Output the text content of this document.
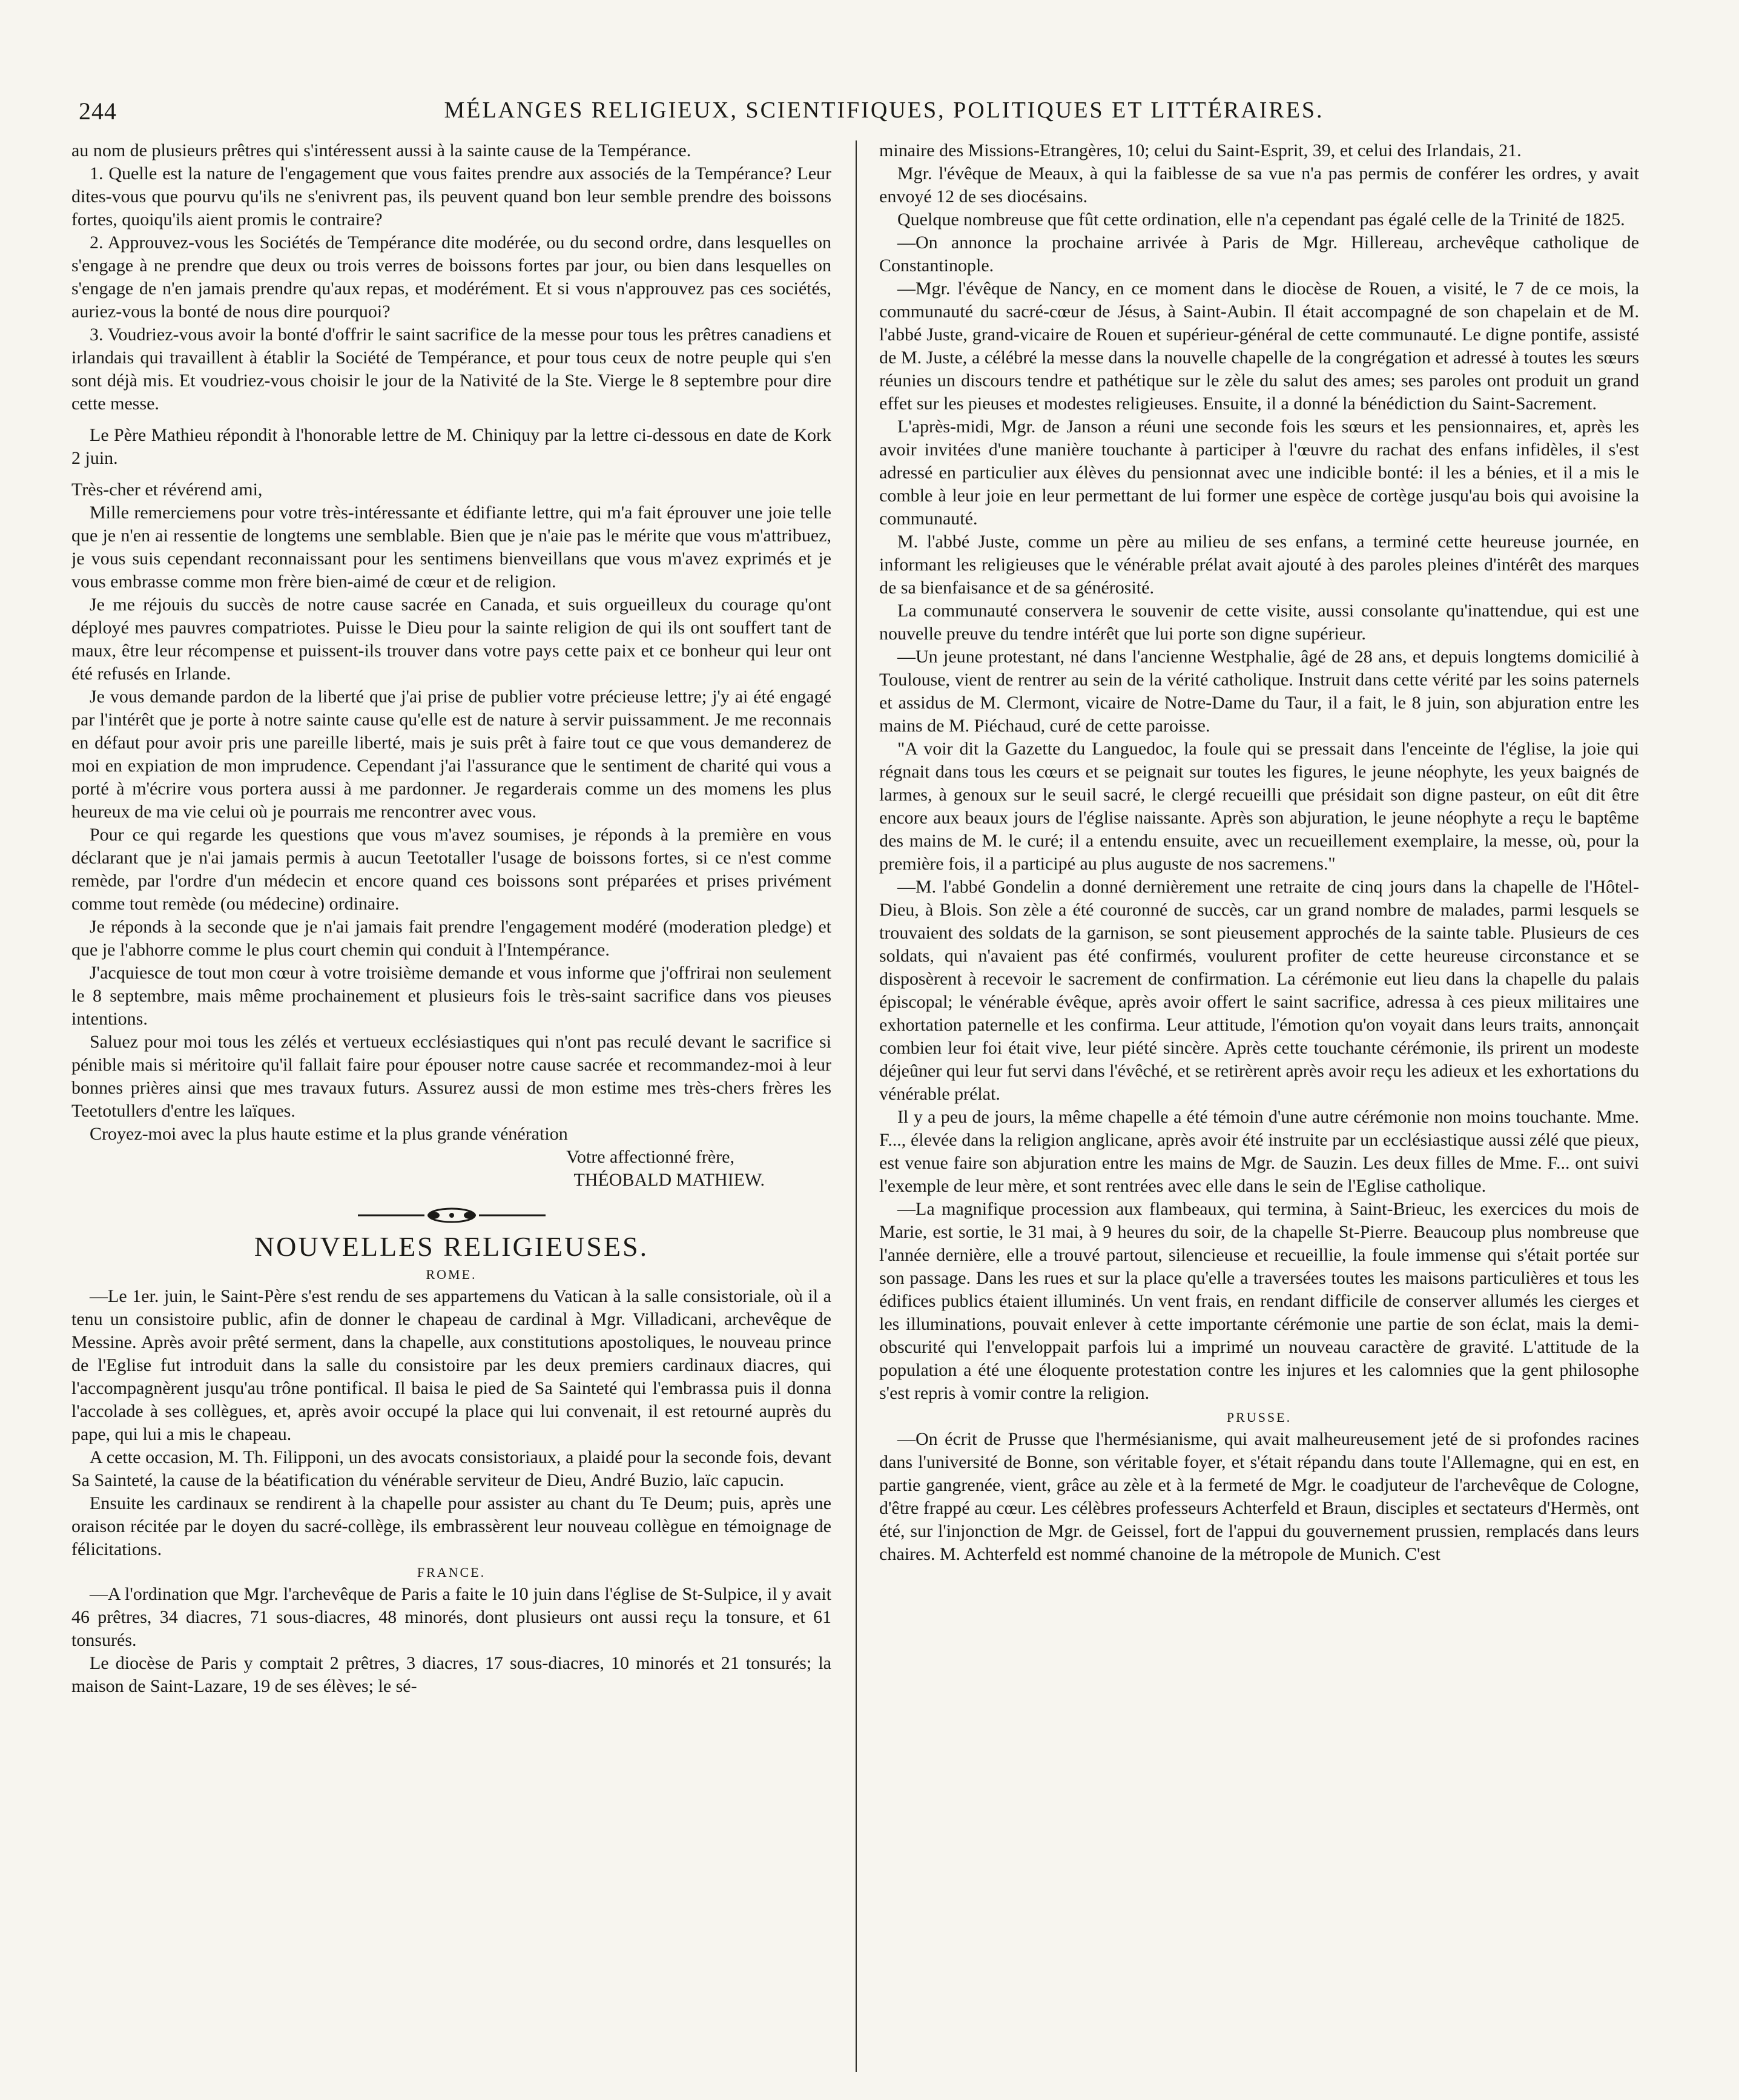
244	MÉLANGES RELIGIEUX, SCIENTIFIQUES, POLITIQUES ET LITTÉRAIRES.

au nom de plusieurs prêtres qui s'intéressent aussi à la sainte cause de la Tempérance.

1. Quelle est la nature de l'engagement que vous faites prendre aux associés de la Tempérance? Leur dites-vous que pourvu qu'ils ne s'enivrent pas, ils peuvent quand bon leur semble prendre des boissons fortes, quoiqu'ils aient promis le contraire?

2. Approuvez-vous les Sociétés de Tempérance dite modérée, ou du second ordre, dans lesquelles on s'engage à ne prendre que deux ou trois verres de boissons fortes par jour, ou bien dans lesquelles on s'engage de n'en jamais prendre qu'aux repas, et modérément. Et si vous n'approuvez pas ces sociétés, auriez-vous la bonté de nous dire pourquoi?

3. Voudriez-vous avoir la bonté d'offrir le saint sacrifice de la messe pour tous les prêtres canadiens et irlandais qui travaillent à établir la Société de Tempérance, et pour tous ceux de notre peuple qui s'en sont déjà mis. Et voudriez-vous choisir le jour de la Nativité de la Ste. Vierge le 8 septembre pour dire cette messe.

Le Père Mathieu répondit à l'honorable lettre de M. Chiniquy par la lettre ci-dessous en date de Kork 2 juin.

Très-cher et révérend ami,

Mille remerciemens pour votre très-intéressante et édifiante lettre, qui m'a fait éprouver une joie telle que je n'en ai ressentie de longtems une semblable. Bien que je n'aie pas le mérite que vous m'attribuez, je vous suis cependant reconnaissant pour les sentimens bienveillans que vous m'avez exprimés et je vous embrasse comme mon frère bien-aimé de cœur et de religion.

Je me réjouis du succès de notre cause sacrée en Canada, et suis orgueilleux du courage qu'ont déployé mes pauvres compatriotes. Puisse le Dieu pour la sainte religion de qui ils ont souffert tant de maux, être leur récompense et puissent-ils trouver dans votre pays cette paix et ce bonheur qui leur ont été refusés en Irlande.

Je vous demande pardon de la liberté que j'ai prise de publier votre précieuse lettre; j'y ai été engagé par l'intérêt que je porte à notre sainte cause qu'elle est de nature à servir puissamment. Je me reconnais en défaut pour avoir pris une pareille liberté, mais je suis prêt à faire tout ce que vous demanderez de moi en expiation de mon imprudence. Cependant j'ai l'assurance que le sentiment de charité qui vous a porté à m'écrire vous portera aussi à me pardonner. Je regarderais comme un des momens les plus heureux de ma vie celui où je pourrais me rencontrer avec vous.

Pour ce qui regarde les questions que vous m'avez soumises, je réponds à la première en vous déclarant que je n'ai jamais permis à aucun Teetotaller l'usage de boissons fortes, si ce n'est comme remède, par l'ordre d'un médecin et encore quand ces boissons sont préparées et prises privément comme tout remède (ou médecine) ordinaire.

Je réponds à la seconde que je n'ai jamais fait prendre l'engagement modéré (moderation pledge) et que je l'abhorre comme le plus court chemin qui conduit à l'Intempérance.

J'acquiesce de tout mon cœur à votre troisième demande et vous informe que j'offrirai non seulement le 8 septembre, mais même prochainement et plusieurs fois le très-saint sacrifice dans vos pieuses intentions.

Saluez pour moi tous les zélés et vertueux ecclésiastiques qui n'ont pas reculé devant le sacrifice si pénible mais si méritoire qu'il fallait faire pour épouser notre cause sacrée et recommandez-moi à leur bonnes prières ainsi que mes travaux futurs. Assurez aussi de mon estime mes très-chers frères les Teetotullers d'entre les laïques.

Croyez-moi avec la plus haute estime et la plus grande vénération

Votre affectionné frère,

THÉOBALD MATHIEW.

NOUVELLES RELIGIEUSES.
ROME.

—Le 1er. juin, le Saint-Père s'est rendu de ses appartemens du Vatican à la salle consistoriale, où il a tenu un consistoire public, afin de donner le chapeau de cardinal à Mgr. Villadicani, archevêque de Messine. Après avoir prêté serment, dans la chapelle, aux constitutions apostoliques, le nouveau prince de l'Eglise fut introduit dans la salle du consistoire par les deux premiers cardinaux diacres, qui l'accompagnèrent jusqu'au trône pontifical. Il baisa le pied de Sa Sainteté qui l'embrassa puis il donna l'accolade à ses collègues, et, après avoir occupé la place qui lui convenait, il est retourné auprès du pape, qui lui a mis le chapeau.

A cette occasion, M. Th. Filipponi, un des avocats consistoriaux, a plaidé pour la seconde fois, devant Sa Sainteté, la cause de la béatification du vénérable serviteur de Dieu, André Buzio, laïc capucin.

Ensuite les cardinaux se rendirent à la chapelle pour assister au chant du Te Deum; puis, après une oraison récitée par le doyen du sacré-collège, ils embrassèrent leur nouveau collègue en témoignage de félicitations.

FRANCE.

—A l'ordination que Mgr. l'archevêque de Paris a faite le 10 juin dans l'église de St-Sulpice, il y avait 46 prêtres, 34 diacres, 71 sous-diacres, 48 minorés, dont plusieurs ont aussi reçu la tonsure, et 61 tonsurés.

Le diocèse de Paris y comptait 2 prêtres, 3 diacres, 17 sous-diacres, 10 minorés et 21 tonsurés; la maison de Saint-Lazare, 19 de ses élèves; le sé-

minaire des Missions-Etrangères, 10; celui du Saint-Esprit, 39, et celui des Irlandais, 21.

Mgr. l'évêque de Meaux, à qui la faiblesse de sa vue n'a pas permis de conférer les ordres, y avait envoyé 12 de ses diocésains.

Quelque nombreuse que fût cette ordination, elle n'a cependant pas égalé celle de la Trinité de 1825.

—On annonce la prochaine arrivée à Paris de Mgr. Hillereau, archevêque catholique de Constantinople.

—Mgr. l'évêque de Nancy, en ce moment dans le diocèse de Rouen, a visité, le 7 de ce mois, la communauté du sacré-cœur de Jésus, à Saint-Aubin. Il était accompagné de son chapelain et de M. l'abbé Juste, grand-vicaire de Rouen et supérieur-général de cette communauté. Le digne pontife, assisté de M. Juste, a célébré la messe dans la nouvelle chapelle de la congrégation et adressé à toutes les sœurs réunies un discours tendre et pathétique sur le zèle du salut des ames; ses paroles ont produit un grand effet sur les pieuses et modestes religieuses. Ensuite, il a donné la bénédiction du Saint-Sacrement.

L'après-midi, Mgr. de Janson a réuni une seconde fois les sœurs et les pensionnaires, et, après les avoir invitées d'une manière touchante à participer à l'œuvre du rachat des enfans infidèles, il s'est adressé en particulier aux élèves du pensionnat avec une indicible bonté: il les a bénies, et il a mis le comble à leur joie en leur permettant de lui former une espèce de cortège jusqu'au bois qui avoisine la communauté.

M. l'abbé Juste, comme un père au milieu de ses enfans, a terminé cette heureuse journée, en informant les religieuses que le vénérable prélat avait ajouté à des paroles pleines d'intérêt des marques de sa bienfaisance et de sa générosité.

La communauté conservera le souvenir de cette visite, aussi consolante qu'inattendue, qui est une nouvelle preuve du tendre intérêt que lui porte son digne supérieur.

—Un jeune protestant, né dans l'ancienne Westphalie, âgé de 28 ans, et depuis longtems domicilié à Toulouse, vient de rentrer au sein de la vérité catholique. Instruit dans cette vérité par les soins paternels et assidus de M. Clermont, vicaire de Notre-Dame du Taur, il a fait, le 8 juin, son abjuration entre les mains de M. Piéchaud, curé de cette paroisse.

"A voir dit la Gazette du Languedoc, la foule qui se pressait dans l'enceinte de l'église, la joie qui régnait dans tous les cœurs et se peignait sur toutes les figures, le jeune néophyte, les yeux baignés de larmes, à genoux sur le seuil sacré, le clergé recueilli que présidait son digne pasteur, on eût dit être encore aux beaux jours de l'église naissante. Après son abjuration, le jeune néophyte a reçu le baptême des mains de M. le curé; il a entendu ensuite, avec un recueillement exemplaire, la messe, où, pour la première fois, il a participé au plus auguste de nos sacremens."

—M. l'abbé Gondelin a donné dernièrement une retraite de cinq jours dans la chapelle de l'Hôtel-Dieu, à Blois. Son zèle a été couronné de succès, car un grand nombre de malades, parmi lesquels se trouvaient des soldats de la garnison, se sont pieusement approchés de la sainte table. Plusieurs de ces soldats, qui n'avaient pas été confirmés, voulurent profiter de cette heureuse circonstance et se disposèrent à recevoir le sacrement de confirmation. La cérémonie eut lieu dans la chapelle du palais épiscopal; le vénérable évêque, après avoir offert le saint sacrifice, adressa à ces pieux militaires une exhortation paternelle et les confirma. Leur attitude, l'émotion qu'on voyait dans leurs traits, annonçait combien leur foi était vive, leur piété sincère. Après cette touchante cérémonie, ils prirent un modeste déjeûner qui leur fut servi dans l'évêché, et se retirèrent après avoir reçu les adieux et les exhortations du vénérable prélat.

Il y a peu de jours, la même chapelle a été témoin d'une autre cérémonie non moins touchante. Mme. F..., élevée dans la religion anglicane, après avoir été instruite par un ecclésiastique aussi zélé que pieux, est venue faire son abjuration entre les mains de Mgr. de Sauzin. Les deux filles de Mme. F... ont suivi l'exemple de leur mère, et sont rentrées avec elle dans le sein de l'Eglise catholique.

—La magnifique procession aux flambeaux, qui termina, à Saint-Brieuc, les exercices du mois de Marie, est sortie, le 31 mai, à 9 heures du soir, de la chapelle St-Pierre. Beaucoup plus nombreuse que l'année dernière, elle a trouvé partout, silencieuse et recueillie, la foule immense qui s'était portée sur son passage. Dans les rues et sur la place qu'elle a traversées toutes les maisons particulières et tous les édifices publics étaient illuminés. Un vent frais, en rendant difficile de conserver allumés les cierges et les illuminations, pouvait enlever à cette importante cérémonie une partie de son éclat, mais la demi-obscurité qui l'enveloppait parfois lui a imprimé un nouveau caractère de gravité. L'attitude de la population a été une éloquente protestation contre les injures et les calomnies que la gent philosophe s'est repris à vomir contre la religion.

PRUSSE.

—On écrit de Prusse que l'hermésianisme, qui avait malheureusement jeté de si profondes racines dans l'université de Bonne, son véritable foyer, et s'était répandu dans toute l'Allemagne, qui en est, en partie gangrenée, vient, grâce au zèle et à la fermeté de Mgr. le coadjuteur de l'archevêque de Cologne, d'être frappé au cœur. Les célèbres professeurs Achterfeld et Braun, disciples et sectateurs d'Hermès, ont été, sur l'injonction de Mgr. de Geissel, fort de l'appui du gouvernement prussien, remplacés dans leurs chaires. M. Achterfeld est nommé chanoine de la métropole de Munich. C'est
